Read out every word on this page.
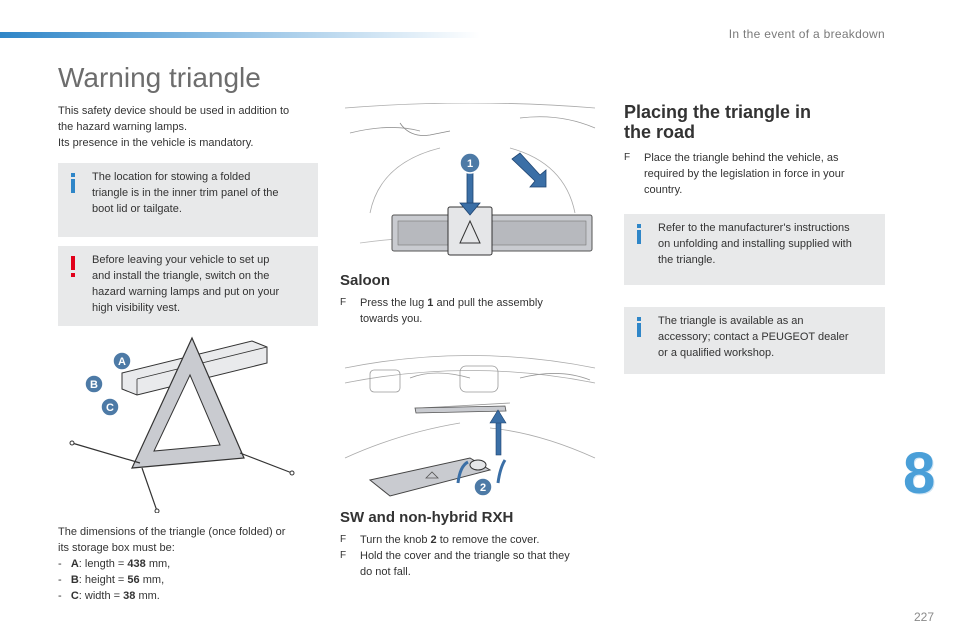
In the event of a breakdown
Warning triangle

This safety device should be used in addition to

the hazard warning lamps.

Its presence in the vehicle is mandatory.

The location for stowing a folded
triangle is in the inner trim panel of the
boot lid or tailgate.
Before leaving your vehicle to set up
and install the triangle, switch on the
hazard warning lamps and put on your
high visibility vest.
A
B
C

The dimensions of the triangle (once folded) or

its storage box must be:

- A: length = 438 mm,
- B: height = 56 mm,
- C: width = 38 mm.
1
Saloon
F	Press the lug 1 and pull the assembly
towards you.
2
SW and non-hybrid RXH
F	Turn the knob 2 to remove the cover.
F	Hold the cover and the triangle so that they
do not fall.
Placing the triangle in
the road
F	Place the triangle behind the vehicle, as
required by the legislation in force in your
country.
Refer to the manufacturer's instructions
on unfolding and installing supplied with
the triangle.
The triangle is available as an
accessory; contact a PEUGEOT dealer
or a qualified workshop.
8
227
